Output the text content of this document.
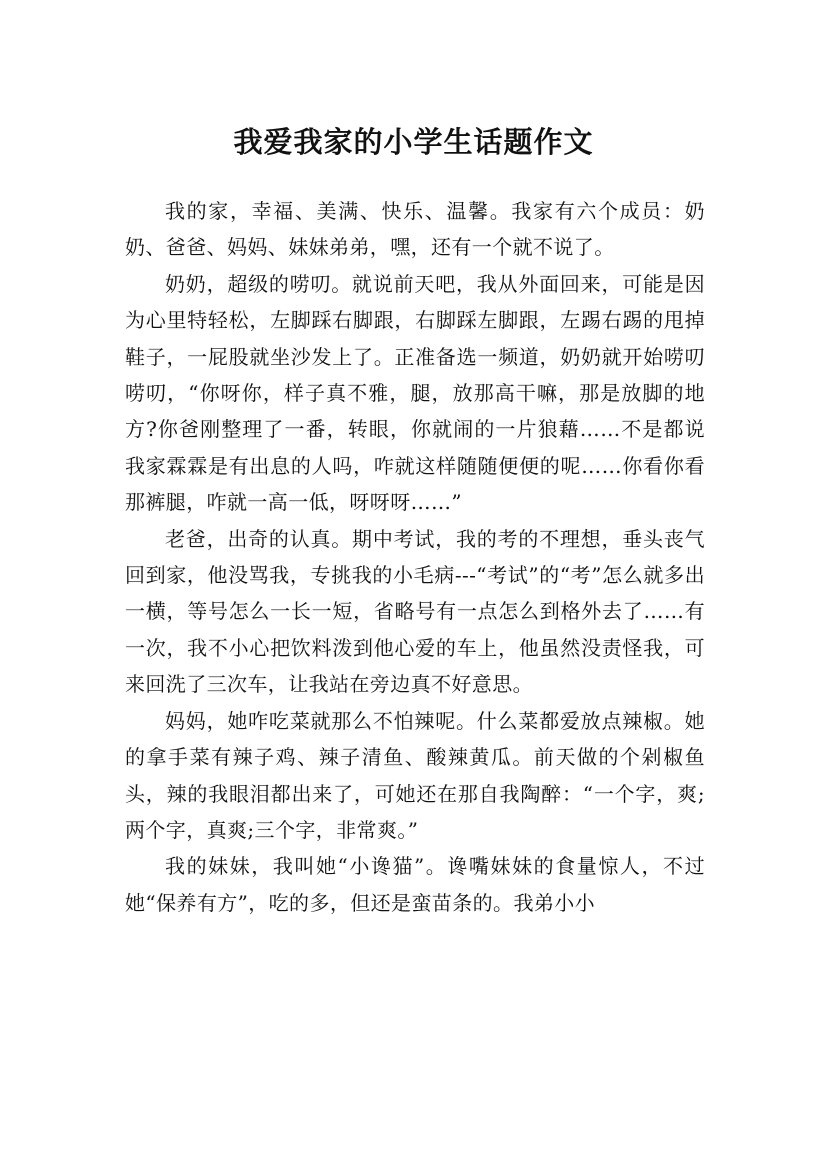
我爱我家的小学生话题作文

我的家，幸福、美满、快乐、温馨。我家有六个成员：奶奶、爸爸、妈妈、妹妹弟弟，嘿，还有一个就不说了。

奶奶，超级的唠叨。就说前天吧，我从外面回来，可能是因为心里特轻松，左脚踩右脚跟，右脚踩左脚跟，左踢右踢的甩掉鞋子，一屁股就坐沙发上了。正准备选一频道，奶奶就开始唠叨唠叨，“你呀你，样子真不雅，腿，放那高干嘛，那是放脚的地方?你爸刚整理了一番，转眼，你就闹的一片狼藉……不是都说我家霖霖是有出息的人吗，咋就这样随随便便的呢……你看你看那裤腿，咋就一高一低，呀呀呀……”

老爸，出奇的认真。期中考试，我的考的不理想，垂头丧气回到家，他没骂我，专挑我的小毛病---“考试”的“考”怎么就多出一横，等号怎么一长一短，省略号有一点怎么到格外去了……有一次，我不小心把饮料泼到他心爱的车上，他虽然没责怪我，可来回洗了三次车，让我站在旁边真不好意思。

妈妈，她咋吃菜就那么不怕辣呢。什么菜都爱放点辣椒。她的拿手菜有辣子鸡、辣子清鱼、酸辣黄瓜。前天做的个剁椒鱼头，辣的我眼泪都出来了，可她还在那自我陶醉：“一个字，爽;两个字，真爽;三个字，非常爽。”

我的妹妹，我叫她“小谗猫”。谗嘴妹妹的食量惊人，不过她“保养有方”，吃的多，但还是蛮苗条的。我弟小小
